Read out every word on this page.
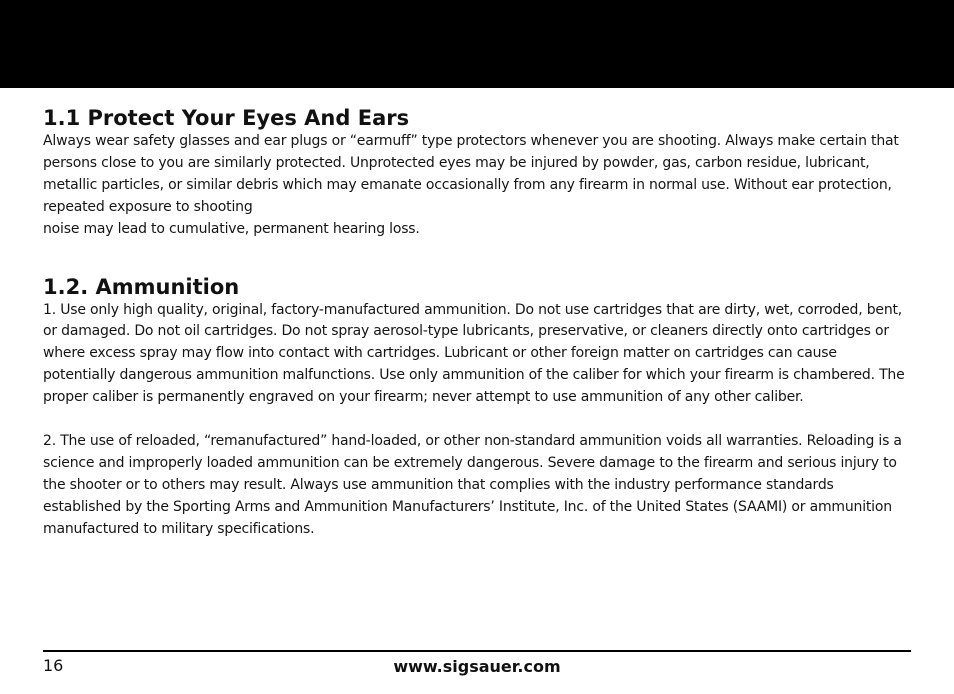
1.1 Protect Your Eyes And Ears

Always wear safety glasses and ear plugs or “earmuff” type protectors whenever you are shooting. Always make certain that persons close to you are similarly protected. Unprotected eyes may be injured by powder, gas, carbon residue, lubricant, metallic particles, or similar debris which may emanate occasionally from any firearm in normal use. Without ear protection, repeated exposure to shooting

noise may lead to cumulative, permanent hearing loss.

1.2. Ammunition

1. Use only high quality, original, factory-manufactured ammunition. Do not use cartridges that are dirty, wet, corroded, bent, or damaged. Do not oil cartridges. Do not spray aerosol-type lubricants, preservative, or cleaners directly onto cartridges or where excess spray may flow into contact with cartridges. Lubricant or other foreign matter on cartridges can cause potentially dangerous ammunition malfunctions. Use only ammunition of the caliber for which your firearm is chambered. The proper caliber is permanently engraved on your firearm; never attempt to use ammunition of any other caliber.

2. The use of reloaded, “remanufactured” hand-loaded, or other non-standard ammunition voids all warranties. Reloading is a science and improperly loaded ammunition can be extremely dangerous. Severe damage to the firearm and serious injury to the shooter or to others may result. Always use ammunition that complies with the industry performance standards established by the Sporting Arms and Ammunition Manufacturers’ Institute, Inc. of the United States (SAAMI) or ammunition manufactured to military specifications.

16	www.sigsauer.com
